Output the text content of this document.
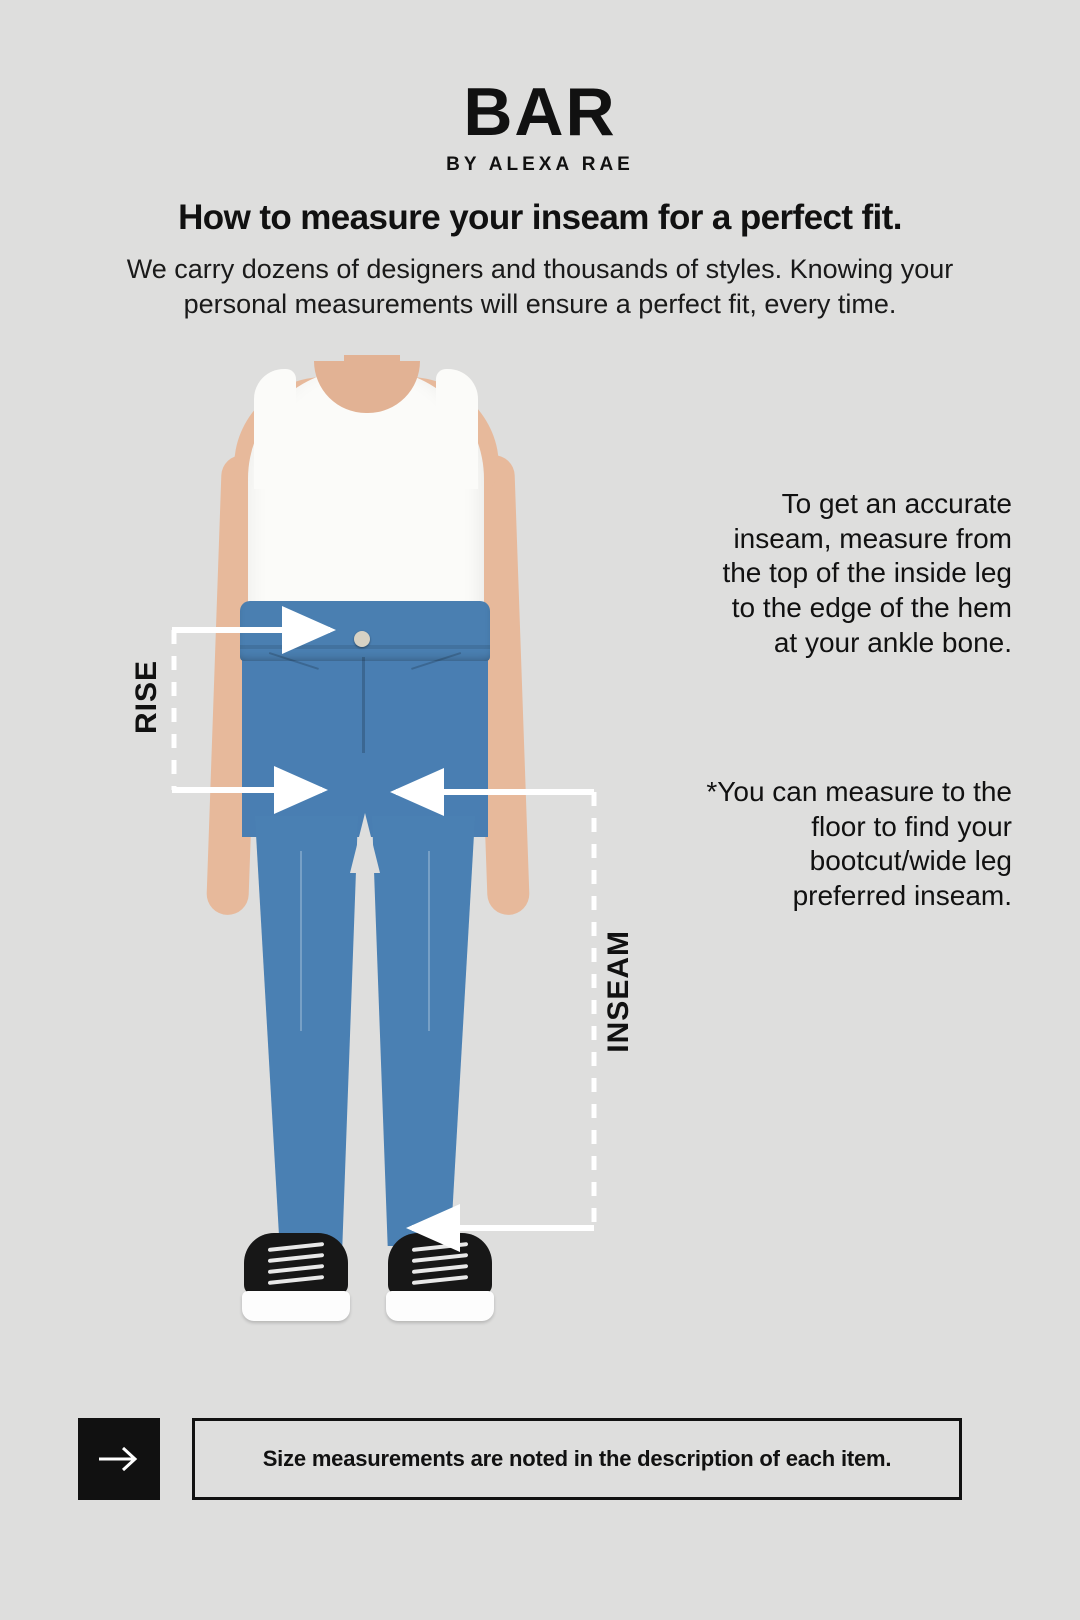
BAR
BY ALEXA RAE
How to measure your inseam for a perfect fit.
We carry dozens of designers and thousands of styles. Knowing your personal measurements will ensure a perfect fit, every time.
RISE
INSEAM
To get an accurate inseam, measure from the top of the inside leg to the edge of the hem at your ankle bone.
*You can measure to the floor to find your bootcut/wide leg preferred inseam.
Size measurements are noted in the description of each item.
